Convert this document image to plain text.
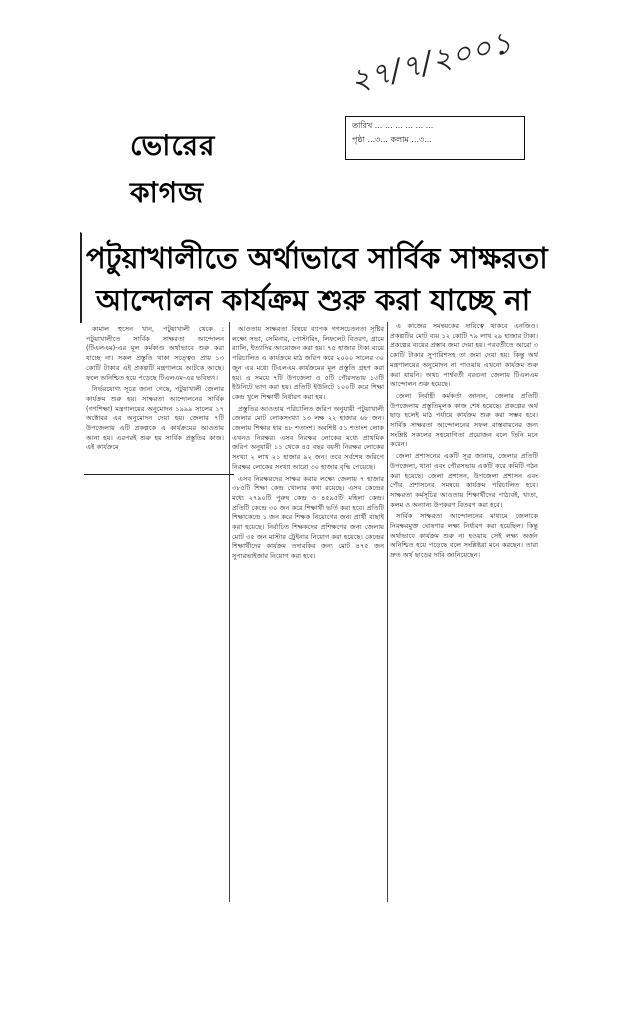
২৭/৭/২০০১
ভোরের কাগজ
তারিখ ... ... ... ... ... ...
পৃষ্ঠা ...৩... কলাম ...৩...
পটুয়াখালীতে অর্থাভাবে সার্বিক সাক্ষরতা
আন্দোলন কার্যক্রম শুরু করা যাচ্ছে না

কামাল হুসেন খান, পটুয়াখালী থেকে : পটুয়াখালীতে সার্বিক সাক্ষরতা আন্দোলন (টিএলএম)-এর মূল কর্মকাণ্ড অর্থাভাবে শুরু করা যাচ্ছে না। সকল প্রস্তুতি থাকা সত্ত্বেও প্রায় ১৩ কোটি টাকার এই প্রকল্পটি মন্ত্রণালয়ে আটকে আছে। ফলে অনিশ্চিত হয়ে পড়েছে টিএলএম-এর ভবিষ্যৎ।

নির্ভরযোগ্য সূত্রে জানা গেছে, পটুয়াখালী জেলার কার্যক্রম শুরু হয়। সাক্ষরতা আন্দোলনের সার্বিক (গণশিক্ষা) মন্ত্রণালয়ের অনুমোদন ১৯৯৯ সালের ১৭ অক্টোবর এর অনুমোদন দেয়া হয়। জেলার ৭টি উপজেলায় এটি প্রকল্পকে এ কার্যক্রমের আওতায় আনা হয়। এরপরই শুরু হয় সার্বিক প্রস্তুতির কাজ। এই কার্যক্রমে

আওতায় সাক্ষরতা বিষয়ে ব্যাপক গণসচেতনতা সৃষ্টির লক্ষ্যে সভা, সেমিনার, পোস্টারিং, লিফলেট বিতরণ, গ্রামে র‍্যালি, ইত্যাদির আয়োজন করা হয়। ৭৫ হাজার টাকা ব্যয়ে পরিচালিত এ কার্যক্রমে মাঠ জরিপ করে ২০০০ সালের ৩০ জুন এর মধ্যে টিএলএম কার্যক্রমের মূল প্রস্তুতি গ্রহণ করা হয়। এ সময়ে ৭টি উপজেলা ও ৫টি পৌরসভায় ১৩টি ইউনিটে ভাগ করা হয়। প্রতিটি ইউনিটে ১০০টি করে শিক্ষা কেন্দ্র খুলে শিক্ষার্থী নির্ধারণ করা হয়।

প্রস্তুতির আওতায় পরিচালিত জরিপ অনুযায়ী পটুয়াখালী জেলার মোট লোকসংখ্যা ১৩ লক্ষ ২২ হাজার ৬৮ জন। জেলায় শিক্ষার হার ৪৮ শতাংশ। অবশিষ্ট ৫১ শতাংশ লোক এখনও নিরক্ষর। এসব নিরক্ষর লোকের মধ্যে প্রাথমিক জরিপ অনুযায়ী ১১ থেকে ৪৫ বছর বয়সী নিরক্ষর লোকের সংখ্যা ২ লাখ ২১ হাজার ৯২ জন। তবে সর্বশেষ জরিপে নিরক্ষর লোকের সংখ্যা আরো ৩০ হাজার বৃদ্ধি পেয়েছে।

এসব নিরক্ষরদের সাক্ষর করার লক্ষ্যে জেলায় ৭ হাজার ৩৮৫টি শিক্ষা কেন্দ্র খোলার কথা রয়েছে। এসব কেন্দ্রের মধ্যে ২৭৯০টি পুরুষ কেন্দ্র ও ৪৫৯৫টি মহিলা কেন্দ্র। প্রতিটি কেন্দ্রে ৩০ জন করে শিক্ষার্থী ভর্তি করা হবে। প্রতিটি শিক্ষাকেন্দ্রে ১ জন করে শিক্ষক নিয়োগের জন্য প্রার্থী বাছাই করা হয়েছে। নির্বাচিত শিক্ষকদের প্রশিক্ষণের জন্য জেলায় মোট ৩৫ জন মাস্টার ট্রেইনার নিয়োগ করা হয়েছে। কেন্দ্রের শিক্ষার্থীদের কার্যক্রম তদারকির জন্য মোট ৪৭৫ জন সুপারভাইজার নিয়োগ করা হবে।

এ কাজের সমন্বয়কের দায়িত্বে থাকবে এনজিও। প্রকল্পটির মোট ব্যয় ১২ কোটি ৭৯ লাখ ২৯ হাজার টাকা। প্রকল্পের ব্যয়ের প্রস্তাব জমা দেয়া হয়। পরবর্তীতে আরো ৩ কোটি টাকার সুপারিশসহ তা জমা দেয়া হয়। কিন্তু অর্থ মন্ত্রণালয়ের অনুমোদন না পাওয়ায় এখনো কার্যক্রম শুরু করা যায়নি। অথচ পার্শ্ববর্তী বরগুনা জেলায় টিএলএম আন্দোলন শুরু হয়েছে।

জেলা নির্বাহী কর্মকর্তা জানান, জেলার প্রতিটি উপজেলায় প্রস্তুতিমূলক কাজ শেষ হয়েছে। প্রকল্পের অর্থ ছাড় হলেই মাঠ পর্যায়ে কার্যক্রম শুরু করা সম্ভব হবে। সার্বিক সাক্ষরতা আন্দোলনের সফল বাস্তবায়নের জন্য সংশ্লিষ্ট সকলের সহযোগিতা প্রয়োজন বলে তিনি মনে করেন।

জেলা প্রশাসনের একটি সূত্র জানায়, জেলার প্রতিটি উপজেলা, থানা এবং পৌরসভায় একটি করে কমিটি গঠন করা হয়েছে। জেলা প্রশাসন, উপজেলা প্রশাসন এবং পৌর প্রশাসনের সমন্বয়ে কার্যক্রম পরিচালিত হবে। সাক্ষরতা কর্মসূচির আওতায় শিক্ষার্থীদের পাঠ্যবই, খাতা, কলম ও অন্যান্য উপকরণ বিতরণ করা হবে।

সার্বিক সাক্ষরতা আন্দোলনের মাধ্যমে জেলাকে নিরক্ষরমুক্ত ঘোষণার লক্ষ্য নির্ধারণ করা হয়েছিল। কিন্তু অর্থাভাবে কার্যক্রম শুরু না হওয়ায় সেই লক্ষ্য অর্জন অনিশ্চিত হয়ে পড়েছে বলে সংশ্লিষ্টরা মনে করছেন। তারা দ্রুত অর্থ ছাড়ের দাবি জানিয়েছেন।
